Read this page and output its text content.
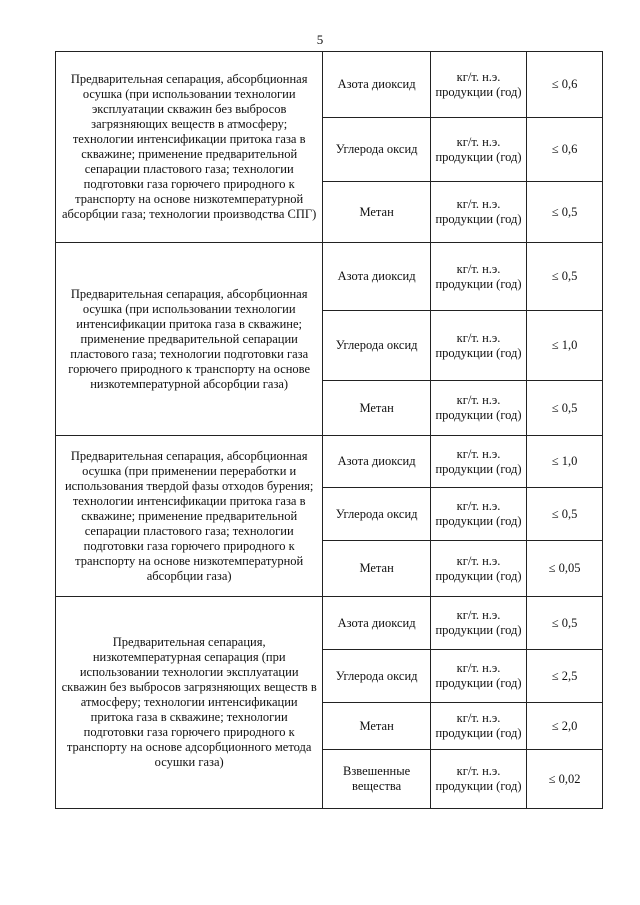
5
Предварительная сепарация, абсорбционная осушка (при использовании технологии эксплуатации скважин без выбросов загрязняющих веществ в атмосферу; технологии интенсификации притока газа в скважине; применение предварительной сепарации пластового газа; технологии подготовки газа горючего природного к транспорту на основе низкотемпературной абсорбции газа; технологии производства СПГ)	Азота диоксид	кг/т. н.э. продукции (год)	≤ 0,6
	Углерода оксид	кг/т. н.э. продукции (год)	≤ 0,6
	Метан	кг/т. н.э. продукции (год)	≤ 0,5
Предварительная сепарация, абсорбционная осушка (при использовании технологии интенсификации притока газа в скважине; применение предварительной сепарации пластового газа; технологии подготовки газа горючего природного к транспорту на основе низкотемпературной абсорбции газа)	Азота диоксид	кг/т. н.э. продукции (год)	≤ 0,5
	Углерода оксид	кг/т. н.э. продукции (год)	≤ 1,0
	Метан	кг/т. н.э. продукции (год)	≤ 0,5
Предварительная сепарация, абсорбционная осушка (при применении переработки и использования твердой фазы отходов бурения; технологии интенсификации притока газа в скважине; применение предварительной сепарации пластового газа; технологии подготовки газа горючего природного к транспорту на основе низкотемпературной абсорбции газа)	Азота диоксид	кг/т. н.э. продукции (год)	≤ 1,0
	Углерода оксид	кг/т. н.э. продукции (год)	≤ 0,5
	Метан	кг/т. н.э. продукции (год)	≤ 0,05
Предварительная сепарация, низкотемпературная сепарация (при использовании технологии эксплуатации скважин без выбросов загрязняющих веществ в атмосферу; технологии интенсификации притока газа в скважине; технологии подготовки газа горючего природного к транспорту на основе адсорбционного метода осушки газа)	Азота диоксид	кг/т. н.э. продукции (год)	≤ 0,5
	Углерода оксид	кг/т. н.э. продукции (год)	≤ 2,5
	Метан	кг/т. н.э. продукции (год)	≤ 2,0
	Взвешенные вещества	кг/т. н.э. продукции (год)	≤ 0,02
